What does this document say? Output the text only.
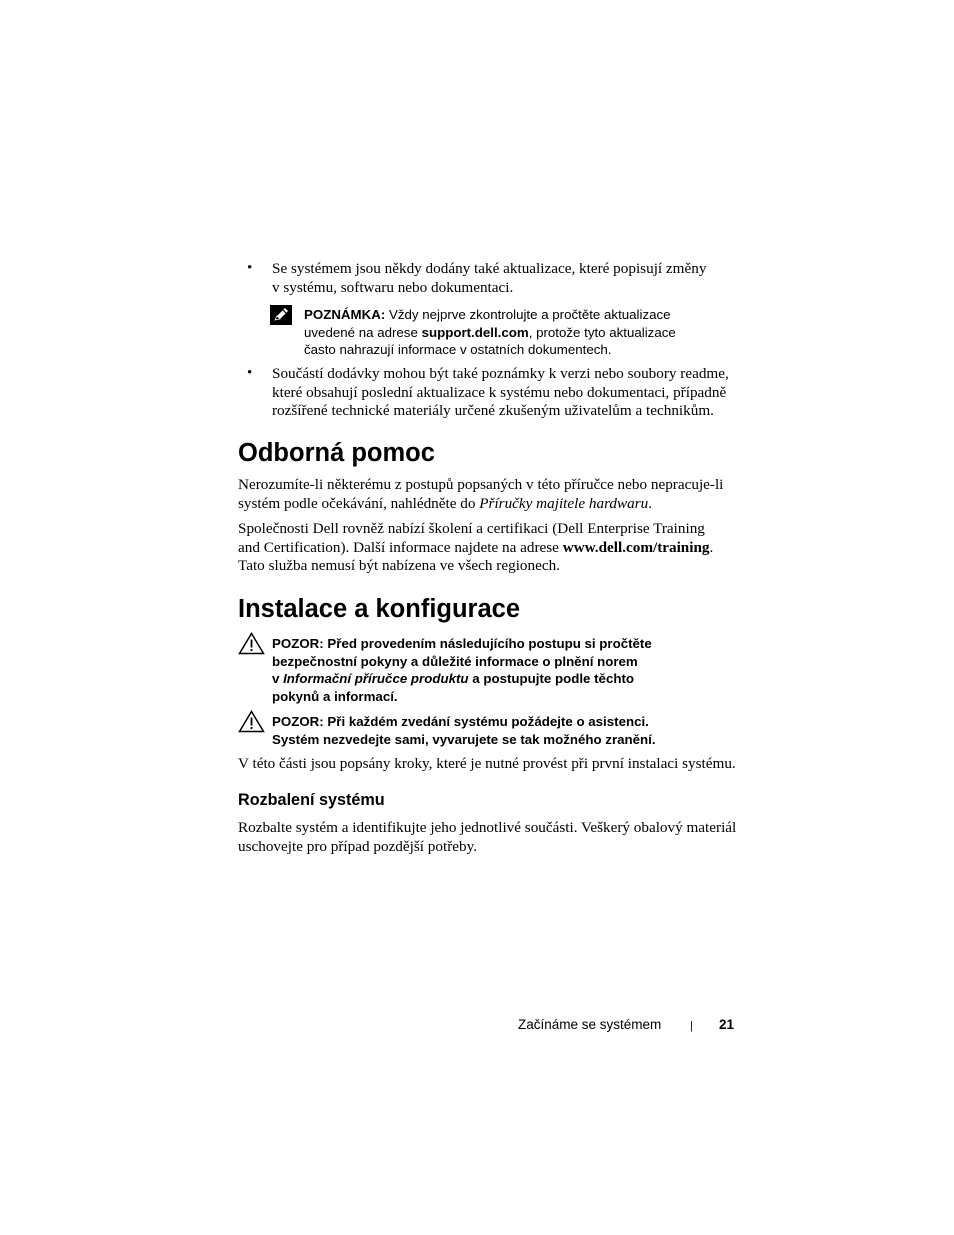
• Se systémem jsou někdy dodány také aktualizace, které popisují změny
v systému, softwaru nebo dokumentaci.
POZNÁMKA: Vždy nejprve zkontrolujte a pročtěte aktualizace
uvedené na adrese support.dell.com, protože tyto aktualizace
často nahrazují informace v ostatních dokumentech.
• Součástí dodávky mohou být také poznámky k verzi nebo soubory readme,
které obsahují poslední aktualizace k systému nebo dokumentaci, případně
rozšířené technické materiály určené zkušeným uživatelům a technikům.
Odborná pomoc
Nerozumíte-li některému z postupů popsaných v této příručce nebo nepracuje-li
systém podle očekávání, nahlédněte do Příručky majitele hardwaru.
Společnosti Dell rovněž nabízí školení a certifikaci (Dell Enterprise Training
and Certification). Další informace najdete na adrese www.dell.com/training.
Tato služba nemusí být nabízena ve všech regionech.
Instalace a konfigurace
POZOR: Před provedením následujícího postupu si pročtěte
bezpečnostní pokyny a důležité informace o plnění norem
v Informační příručce produktu a postupujte podle těchto
pokynů a informací.
POZOR: Při každém zvedání systému požádejte o asistenci.
Systém nezvedejte sami, vyvarujete se tak možného zranění.
V této části jsou popsány kroky, které je nutné provést při první instalaci systému.
Rozbalení systému
Rozbalte systém a identifikujte jeho jednotlivé součásti. Veškerý obalový materiál
uschovejte pro případ pozdější potřeby.
Začínáme se systémem	| 21
